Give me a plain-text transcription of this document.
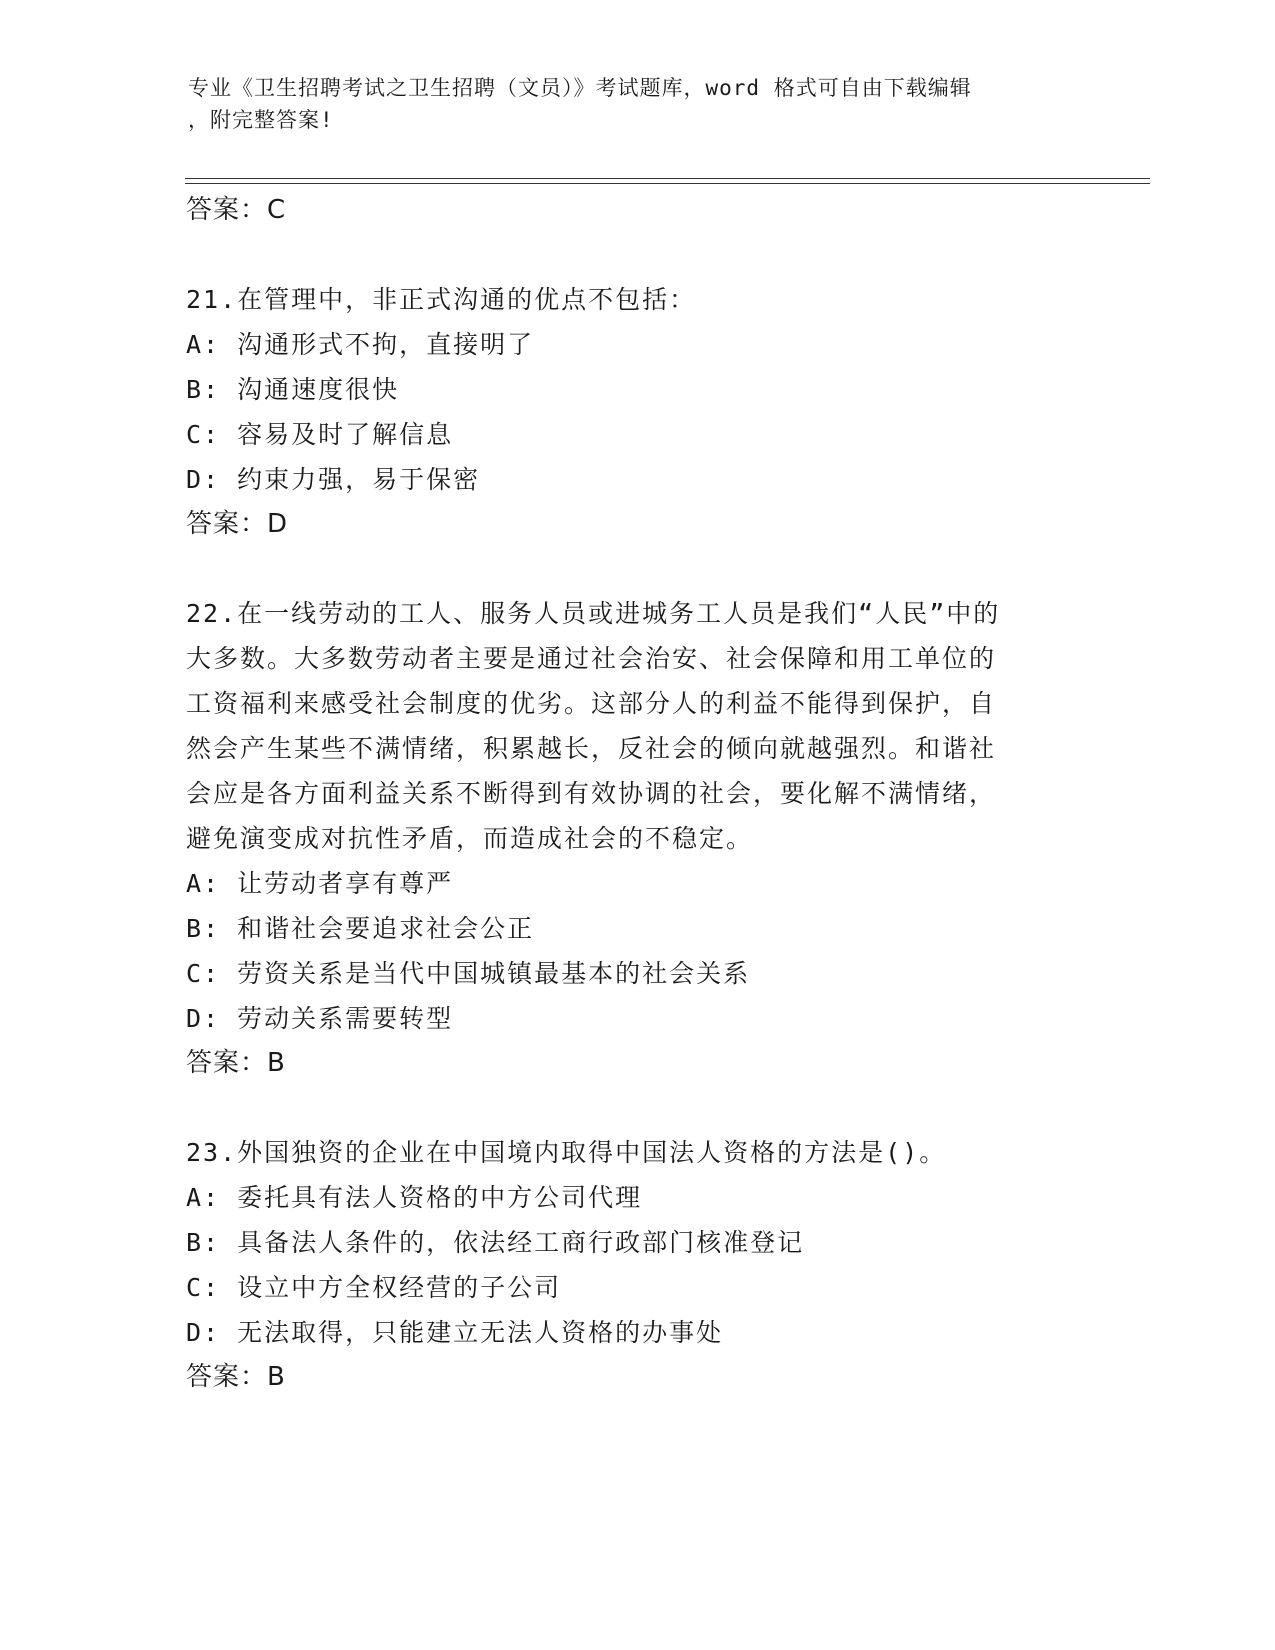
专业《卫生招聘考试之卫生招聘（文员）》考试题库，word 格式可自由下载编辑
，附完整答案!
答案：C
21.在管理中，非正式沟通的优点不包括：
A: 沟通形式不拘，直接明了
B: 沟通速度很快
C: 容易及时了解信息
D: 约束力强，易于保密
答案：D
22.在一线劳动的工人、服务人员或进城务工人员是我们“人民”中的
大多数。大多数劳动者主要是通过社会治安、社会保障和用工单位的
工资福利来感受社会制度的优劣。这部分人的利益不能得到保护，自
然会产生某些不满情绪，积累越长，反社会的倾向就越强烈。和谐社
会应是各方面利益关系不断得到有效协调的社会，要化解不满情绪，
避免演变成对抗性矛盾，而造成社会的不稳定。
A: 让劳动者享有尊严
B: 和谐社会要追求社会公正
C: 劳资关系是当代中国城镇最基本的社会关系
D: 劳动关系需要转型
答案：B
23.外国独资的企业在中国境内取得中国法人资格的方法是()。
A: 委托具有法人资格的中方公司代理
B: 具备法人条件的，依法经工商行政部门核准登记
C: 设立中方全权经营的子公司
D: 无法取得，只能建立无法人资格的办事处
答案：B
